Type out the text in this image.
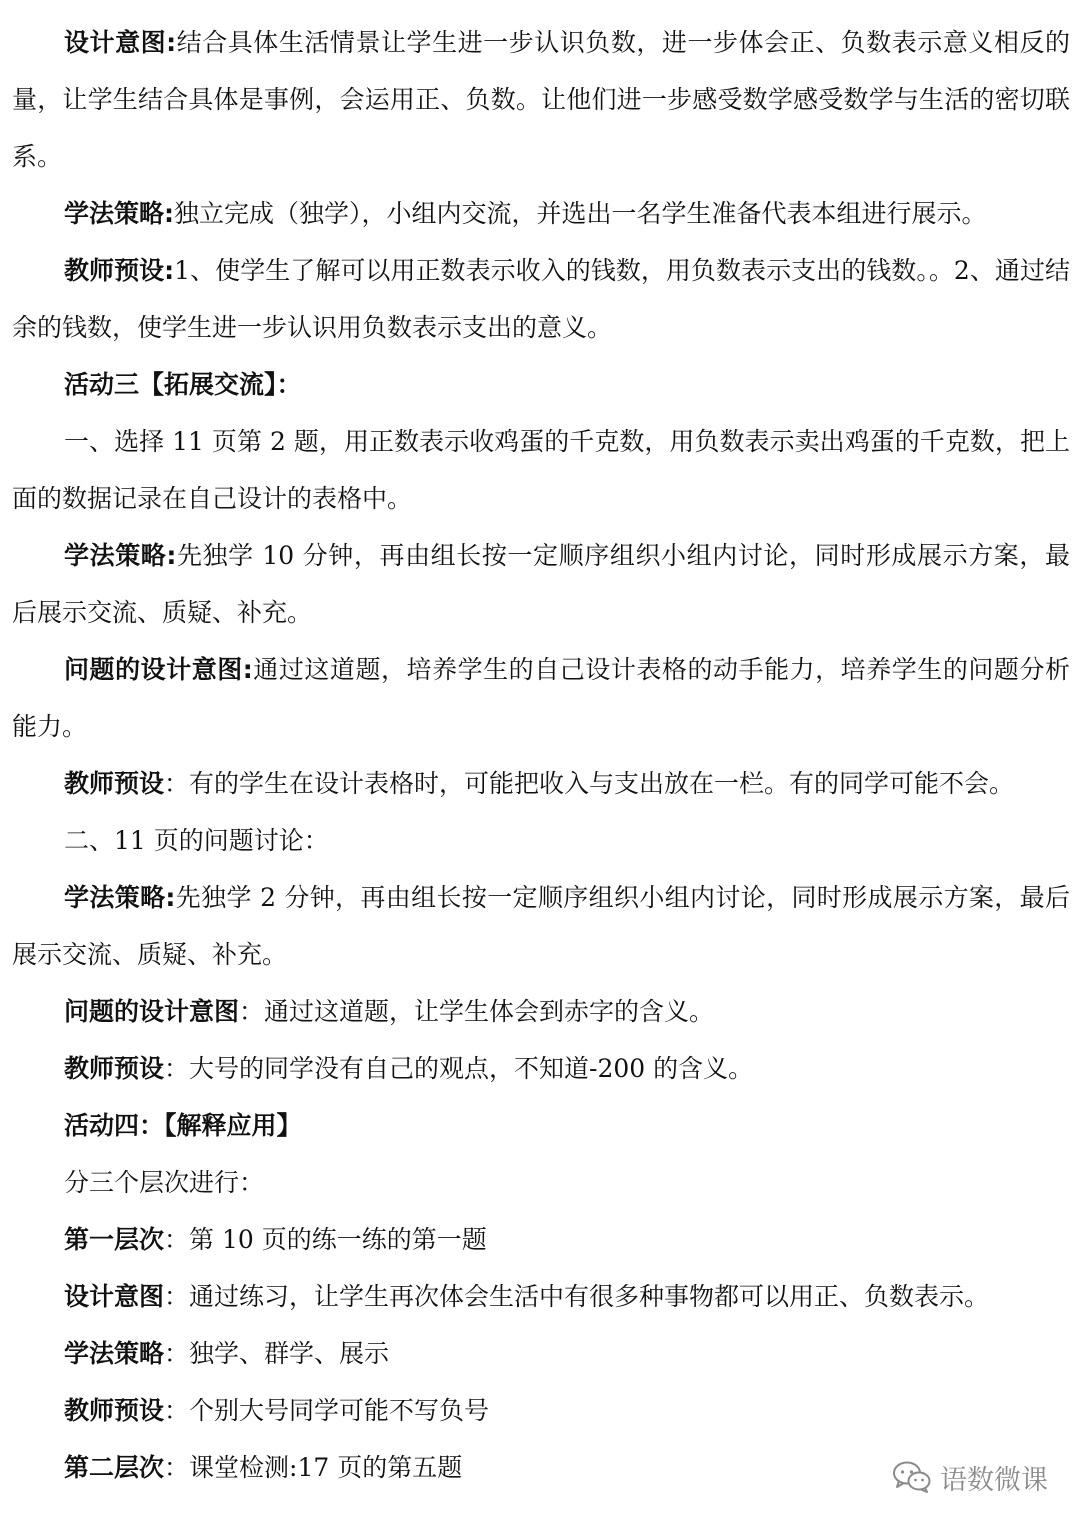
设计意图:结合具体生活情景让学生进一步认识负数，进一步体会正、负数表示意义相反的量，让学生结合具体是事例，会运用正、负数。让他们进一步感受数学感受数学与生活的密切联系。

学法策略:独立完成（独学），小组内交流，并选出一名学生准备代表本组进行展示。

教师预设:1、使学生了解可以用正数表示收入的钱数，用负数表示支出的钱数。。2、通过结余的钱数，使学生进一步认识用负数表示支出的意义。

活动三【拓展交流】：

一、选择 11 页第 2 题，用正数表示收鸡蛋的千克数，用负数表示卖出鸡蛋的千克数，把上面的数据记录在自己设计的表格中。

学法策略:先独学 10 分钟，再由组长按一定顺序组织小组内讨论，同时形成展示方案，最后展示交流、质疑、补充。

问题的设计意图:通过这道题，培养学生的自己设计表格的动手能力，培养学生的问题分析能力。

教师预设：有的学生在设计表格时，可能把收入与支出放在一栏。有的同学可能不会。

二、11 页的问题讨论：

学法策略:先独学 2 分钟，再由组长按一定顺序组织小组内讨论，同时形成展示方案，最后展示交流、质疑、补充。

问题的设计意图：通过这道题，让学生体会到赤字的含义。

教师预设：大号的同学没有自己的观点，不知道-200 的含义。

活动四：【解释应用】

分三个层次进行：

第一层次：第 10 页的练一练的第一题

设计意图：通过练习，让学生再次体会生活中有很多种事物都可以用正、负数表示。

学法策略：独学、群学、展示

教师预设：个别大号同学可能不写负号

第二层次：课堂检测:17 页的第五题	语数微课
